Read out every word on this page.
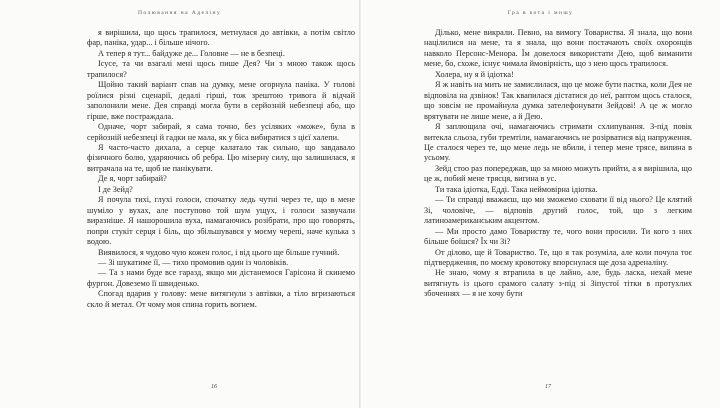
Полювання на Аделіну

я вирішила, що щось трапилося, метнулася до автівки, а потім світло фар, паніка, удар... і більше нічого.

А тепер я тут... байдуже де... Головне — не в безпеці.

Ісусе, та чи взагалі мені щось пише Дея? Чи з мною також щось трапилося?

Щойно такий варіант спав на думку, мене огорнула паніка. У голові роїлися різні сценарії, дедалі гірші, тож зрештою тривога й відчай заполонили мене. Дея справді могла бути в серйозній небезпеці або, що гірше, вже постраждала.

Одначе, чорт забирай, я сама точно, без усіляких «може», була в серйозній небезпеці й гадки не мала, як у біса вибиратися з цієї халепи.

Я часто-часто дихала, а серце калатало так сильно, що завдавало фізичного болю, ударяючись об ребра. Цю мізерну силу, що залишилася, я витрачала на те, щоб не панікувати.

Де я, чорт забирай?

І де Зейд?

Я почула тихі, глухі голоси, спочатку ледь чутні через те, що в мене шуміло у вухах, але поступово той шум ущух, і голоси зазвучали виразніше. Я нашорошила вуха, намагаючись розібрати, про що говорять, попри стукіт серця і біль, що збільшувався у моєму черепі, наче кулька з водою.

Виявилося, я чудово чую кожен голос, і від цього ще більше гучний.

— Зі шукатиме її, — тихо промовив один із чоловіків.

— Та з нами буде все гаразд, якщо ми дістанемося Гарісона й скинемо фургон. Довеземо її швиденько.

Спогад вдарив у голову: мене витягнули з автівки, а тіло вгризаються скло й метал. От чому моя спина горить вогнем.

16
Гра в кота і мишу

Ділько, мене викрали. Певно, на вимогу Товариства. Я знала, що вони націлилися на мене, та я знала, що вони постачають своїх охоронців навколо Персонс-Менора. Їм довелося використати Дею, щоб виманити мене, бо, схоже, існує чимала ймовірність, що з нею щось трапилося.

Холера, ну я й ідіотка!

Я ж навіть на мить не замислилася, що це може бути пастка, коли Дея не відповіла на дзвінок! Так квапилася дістатися до неї, раптом щось сталося, що зовсім не промайнула думка зателефонувати Зейдові! А це ж могло врятувати не лише мене, а й Дею.

Я заплющила очі, намагаючись стримати схлипування. З-під повік витекла сльоза, губи тремтіли, намагаючись не розірватися від напруження. Це сталося через те, що мене ледь не вбили, і тепер мене трясе, випина в усьому.

Зейд стоо раз попереджав, що за мною можуть прийти, а я вирішила, що це ж, побий мене трясця, вигина в ус.

Ти така ідіотка, Едді. Така неймовірна ідіотка.

— Ти справді вважаєш, що ми зможемо сховати її від нього? Це клятий Зі, чоловіче, — відповів другий голос, той, що з легким латиноамериканським акцентом.

— Ми просто дамо Товариству те, чого вони просили. Ти кого з них більше боїшся? Їх чи Зі?

От ділово, ще й Товариство. Те, що я так розуміла, але коли почула тоє підтвердження, по моєму кровотоку впорснулася ще доза адреналіну.

Не знаю, чому я втрапила в це лайно, але, будь ласка, нехай мене витягнуть із цього срамого салату з-під зі Зіпустої тітки в протухлих збоченнях — я не хочу бути

17
